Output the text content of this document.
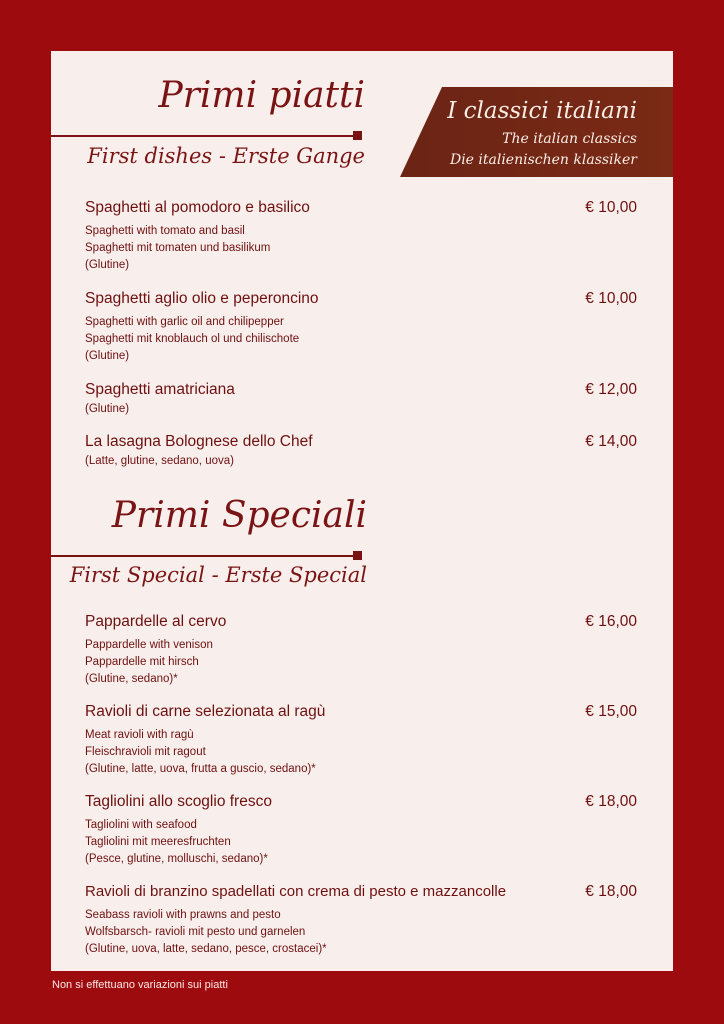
Primi piatti
First dishes - Erste Gange
I classici italiani
The italian classics
Die italienischen klassiker
Spaghetti al pomodoro e basilico	€ 10,00
Spaghetti with tomato and basil
Spaghetti mit tomaten und basilikum
(Glutine)
Spaghetti aglio olio e peperoncino	€ 10,00
Spaghetti with garlic oil and chilipepper
Spaghetti mit knoblauch ol und chilischote
(Glutine)
Spaghetti amatriciana	€ 12,00
(Glutine)
La lasagna Bolognese dello Chef	€ 14,00
(Latte, glutine, sedano, uova)
Primi Speciali
First Special - Erste Special
Pappardelle al cervo	€ 16,00
Pappardelle with venison
Pappardelle mit hirsch
(Glutine, sedano)*
Ravioli di carne selezionata al ragù	€ 15,00
Meat ravioli with ragù
Fleischravioli mit ragout
(Glutine, latte, uova, frutta a guscio, sedano)*
Tagliolini allo scoglio fresco	€ 18,00
Tagliolini with seafood
Tagliolini mit meeresfruchten
(Pesce, glutine, molluschi, sedano)*
Ravioli di branzino spadellati con crema di pesto e mazzancolle	€ 18,00
Seabass ravioli with prawns and pesto
Wolfsbarsch- ravioli mit pesto und garnelen
(Glutine, uova, latte, sedano, pesce, crostacei)*
Non si effettuano variazioni sui piatti
